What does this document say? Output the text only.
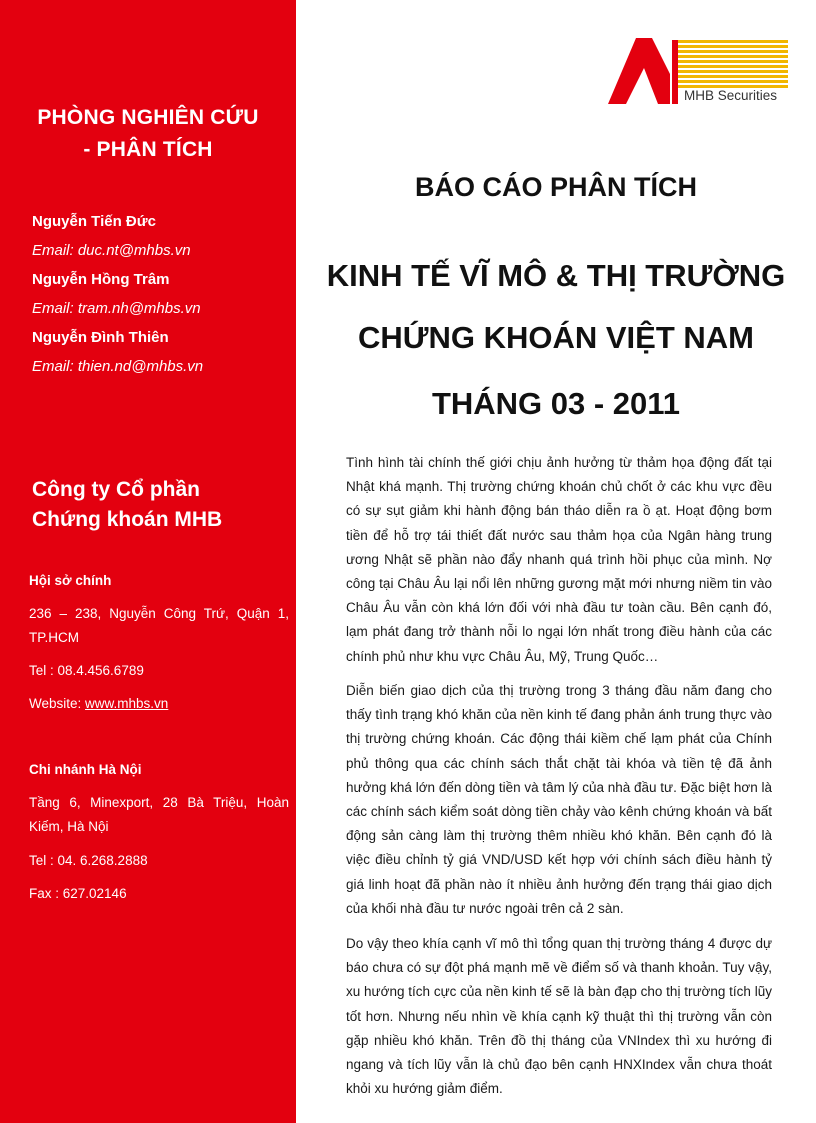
PHÒNG NGHIÊN CỨU
- PHÂN TÍCH
Nguyễn Tiến Đức
Email: duc.nt@mhbs.vn
Nguyễn Hồng Trâm
Email: tram.nh@mhbs.vn
Nguyễn Đình Thiên
Email: thien.nd@mhbs.vn
Công ty Cổ phần
Chứng khoán MHB
Hội sở chính
236 – 238, Nguyễn Công Trứ, Quận 1, TP.HCM
Tel : 08.4.456.6789
Website: www.mhbs.vn
Chi nhánh Hà Nội
Tầng 6, Minexport, 28 Bà Triệu, Hoàn Kiếm, Hà Nội
Tel : 04. 6.268.2888
Fax : 627.02146
MHB Securities
BÁO CÁO PHÂN TÍCH
KINH TẾ VĨ MÔ & THỊ TRƯỜNG
CHỨNG KHOÁN VIỆT NAM
THÁNG 03 - 2011

Tình hình tài chính thế giới chịu ảnh hưởng từ thảm họa động đất tại Nhật khá mạnh. Thị trường chứng khoán chủ chốt ở các khu vực đều có sự sụt giảm khi hành động bán tháo diễn ra ồ ạt. Hoạt động bơm tiền để hỗ trợ tái thiết đất nước sau thảm họa của Ngân hàng trung ương Nhật sẽ phần nào đẩy nhanh quá trình hồi phục của mình. Nợ công tại Châu Âu lại nổi lên những gương mặt mới nhưng niềm tin vào Châu Âu vẫn còn khá lớn đối với nhà đầu tư toàn cầu. Bên cạnh đó, lạm phát đang trở thành nỗi lo ngại lớn nhất trong điều hành của các chính phủ như khu vực Châu Âu, Mỹ, Trung Quốc…

Diễn biến giao dịch của thị trường trong 3 tháng đầu năm đang cho thấy tình trạng khó khăn của nền kinh tế đang phản ánh trung thực vào thị trường chứng khoán. Các động thái kiềm chế lạm phát của Chính phủ thông qua các chính sách thắt chặt tài khóa và tiền tệ đã ảnh hưởng khá lớn đến dòng tiền và tâm lý của nhà đầu tư. Đặc biệt hơn là các chính sách kiểm soát dòng tiền chảy vào kênh chứng khoán và bất động sản càng làm thị trường thêm nhiều khó khăn. Bên cạnh đó là việc điều chỉnh tỷ giá VND/USD kết hợp với chính sách điều hành tỷ giá linh hoạt đã phần nào ít nhiều ảnh hưởng đến trạng thái giao dịch của khối nhà đầu tư nước ngoài trên cả 2 sàn.

Do vậy theo khía cạnh vĩ mô thì tổng quan thị trường tháng 4 được dự báo chưa có sự đột phá mạnh mẽ về điểm số và thanh khoản. Tuy vậy, xu hướng tích cực của nền kinh tế sẽ là bàn đạp cho thị trường tích lũy tốt hơn. Nhưng nếu nhìn về khía cạnh kỹ thuật thì thị trường vẫn còn gặp nhiều khó khăn. Trên đồ thị tháng của VNIndex thì xu hướng đi ngang và tích lũy vẫn là chủ đạo bên cạnh HNXIndex vẫn chưa thoát khỏi xu hướng giảm điểm.
